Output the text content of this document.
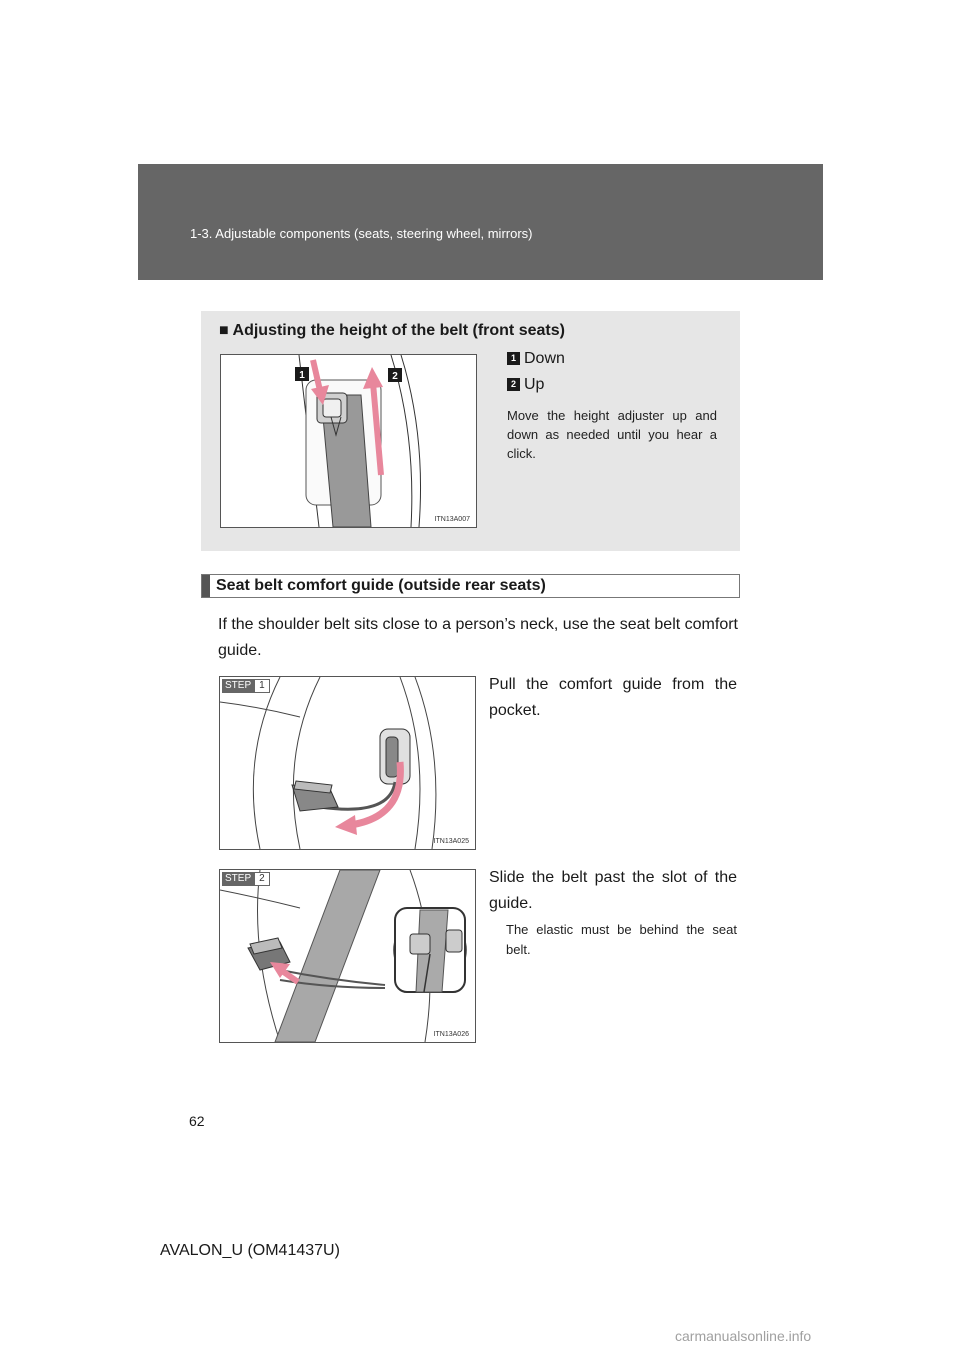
1-3. Adjustable components (seats, steering wheel, mirrors)
■ Adjusting the height of the belt (front seats)
1	2
ITN13A007
1 Down
2 Up
Move the height adjuster up and down as needed until you hear a click.
Seat belt comfort guide (outside rear seats)
If the shoulder belt sits close to a person’s neck, use the seat belt comfort guide.
STEP 1
ITN13A025
Pull the comfort guide from the pocket.
STEP 2
ITN13A026
Slide the belt past the slot of the guide.
The elastic must be behind the seat belt.
62
AVALON_U (OM41437U)
carmanualsonline.info
